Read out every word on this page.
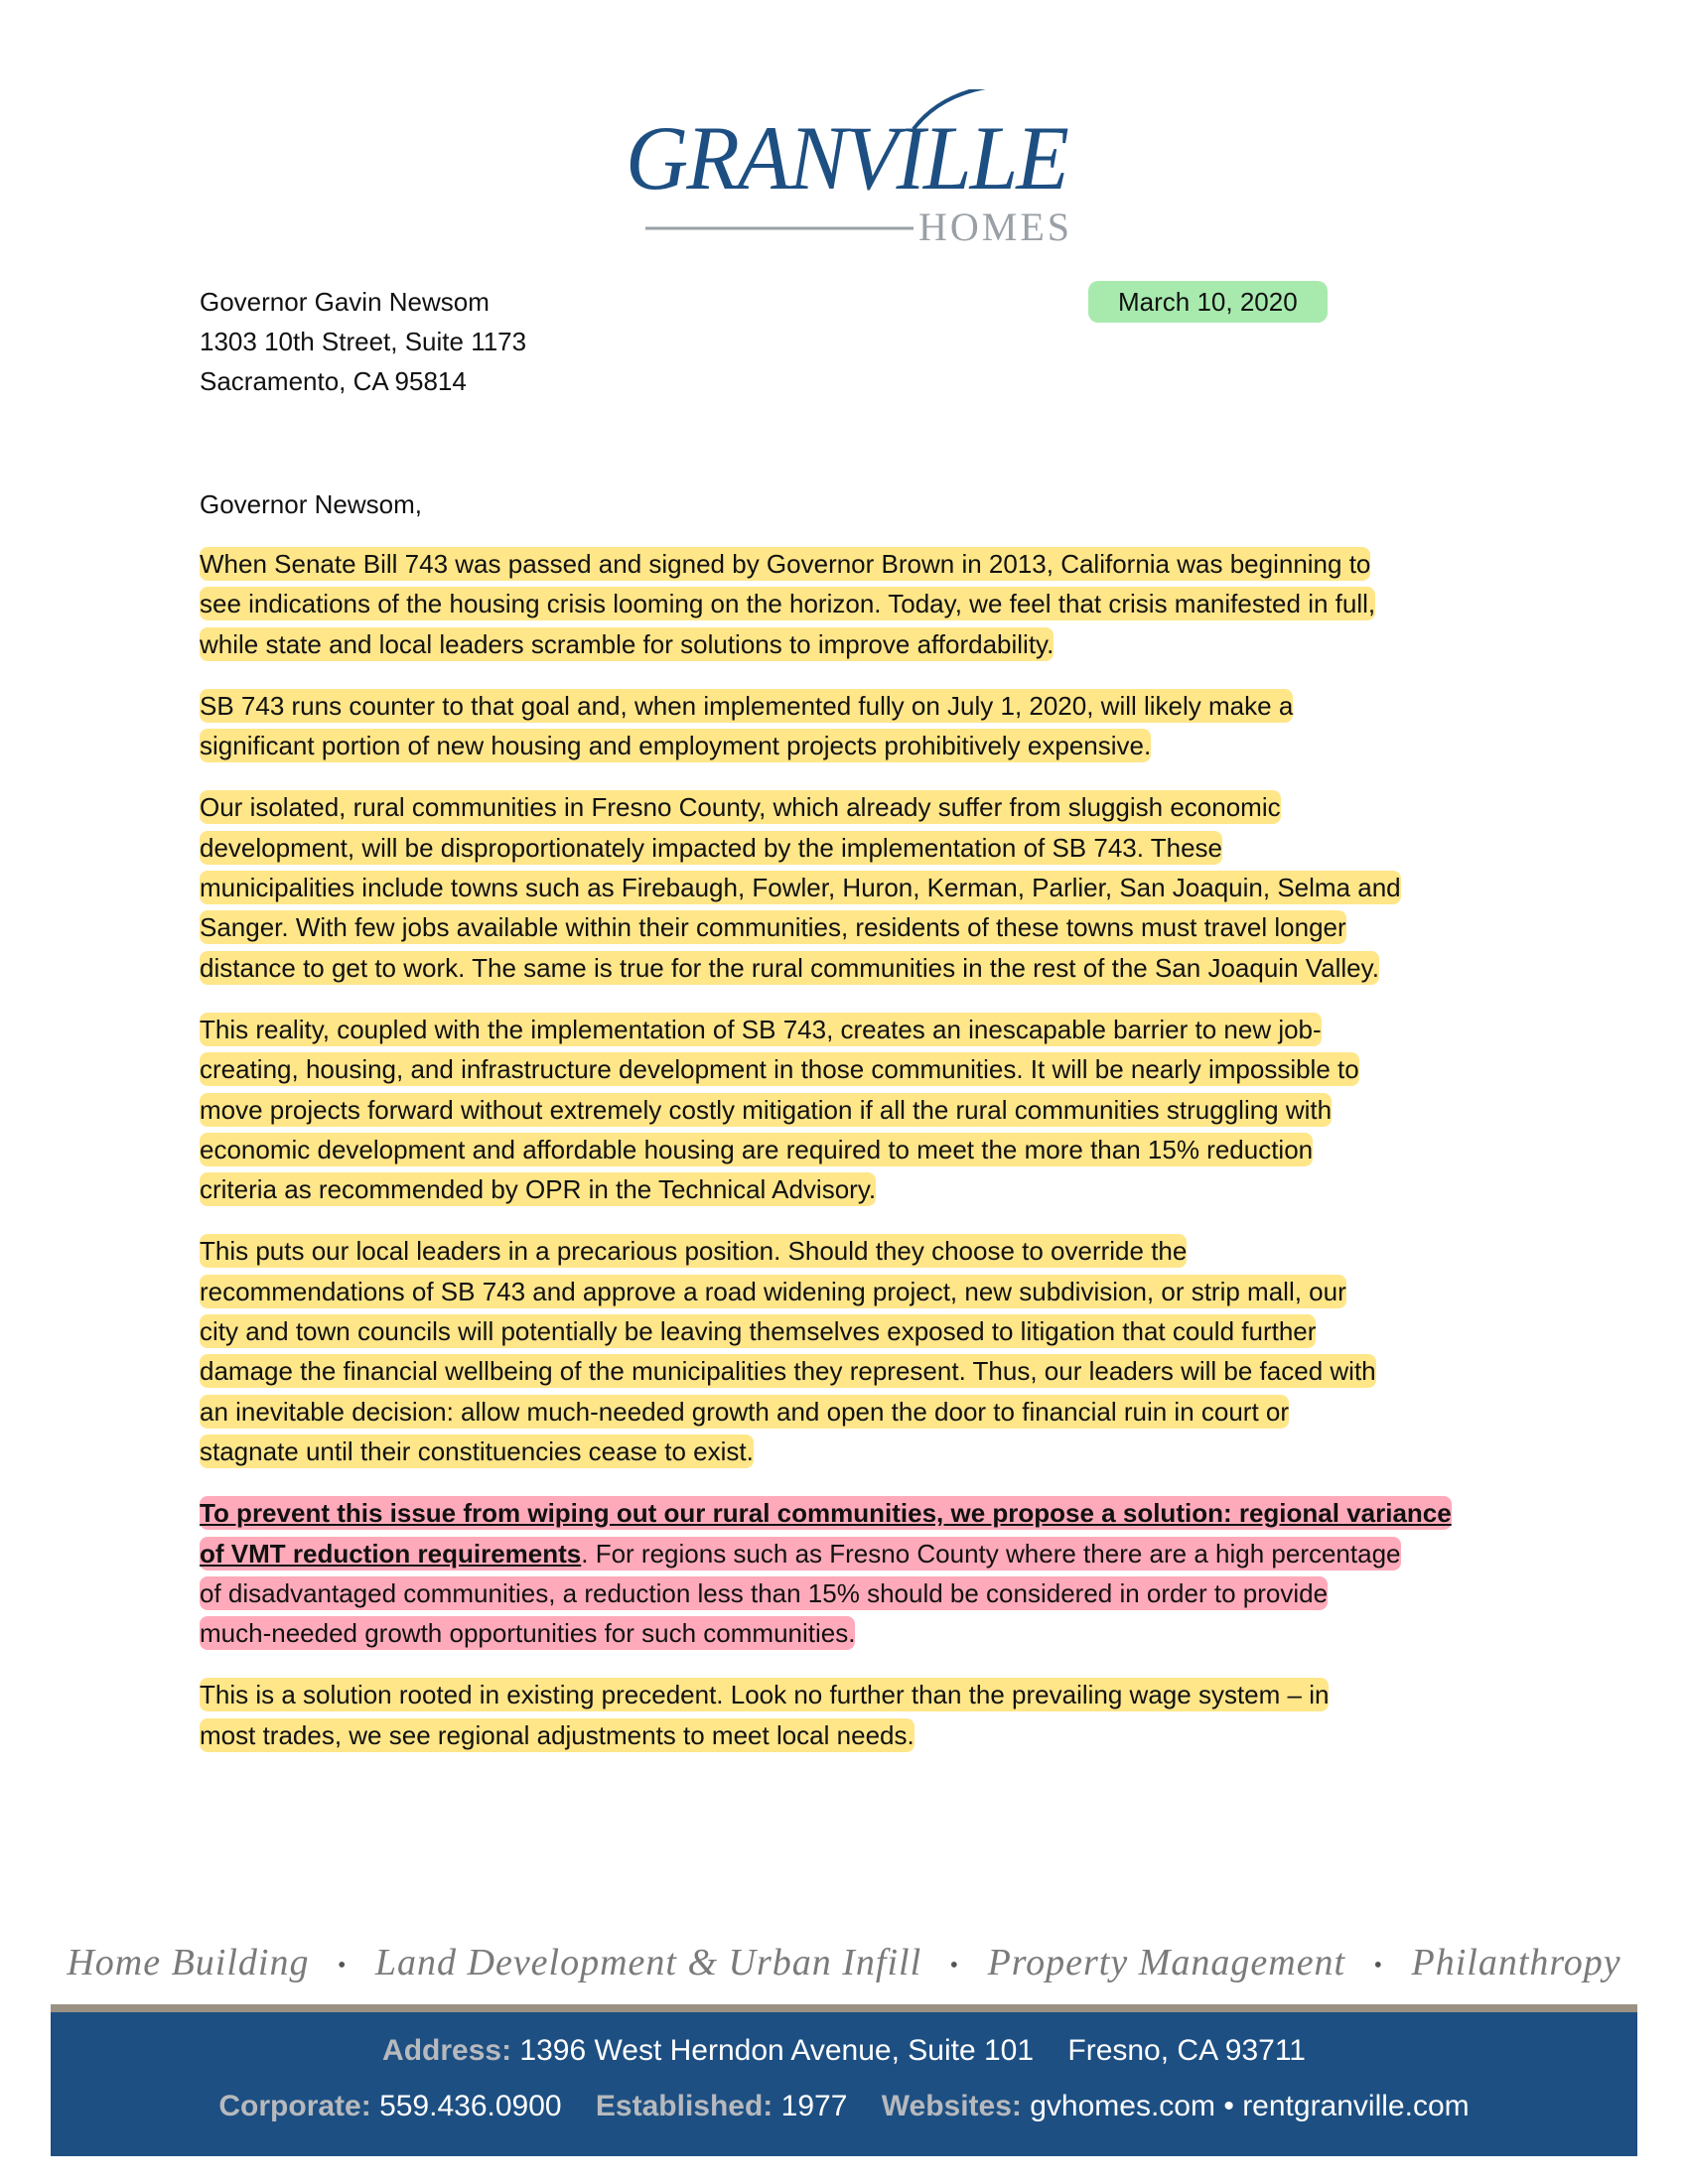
GRANVILLE
HOMES
Governor Gavin Newsom
1303 10th Street, Suite 1173
Sacramento, CA 95814
March 10, 2020
Governor Newsom,

When Senate Bill 743 was passed and signed by Governor Brown in 2013, California was beginning to
see indications of the housing crisis looming on the horizon. Today, we feel that crisis manifested in full,
while state and local leaders scramble for solutions to improve affordability.

SB 743 runs counter to that goal and, when implemented fully on July 1, 2020, will likely make a
significant portion of new housing and employment projects prohibitively expensive.

Our isolated, rural communities in Fresno County, which already suffer from sluggish economic
development, will be disproportionately impacted by the implementation of SB 743. These
municipalities include towns such as Firebaugh, Fowler, Huron, Kerman, Parlier, San Joaquin, Selma and
Sanger. With few jobs available within their communities, residents of these towns must travel longer
distance to get to work. The same is true for the rural communities in the rest of the San Joaquin Valley.

This reality, coupled with the implementation of SB 743, creates an inescapable barrier to new job-
creating, housing, and infrastructure development in those communities. It will be nearly impossible to
move projects forward without extremely costly mitigation if all the rural communities struggling with
economic development and affordable housing are required to meet the more than 15% reduction
criteria as recommended by OPR in the Technical Advisory.

This puts our local leaders in a precarious position. Should they choose to override the
recommendations of SB 743 and approve a road widening project, new subdivision, or strip mall, our
city and town councils will potentially be leaving themselves exposed to litigation that could further
damage the financial wellbeing of the municipalities they represent. Thus, our leaders will be faced with
an inevitable decision: allow much-needed growth and open the door to financial ruin in court or
stagnate until their constituencies cease to exist.

To prevent this issue from wiping out our rural communities, we propose a solution: regional variance
of VMT reduction requirements. For regions such as Fresno County where there are a high percentage
of disadvantaged communities, a reduction less than 15% should be considered in order to provide
much-needed growth opportunities for such communities.

This is a solution rooted in existing precedent. Look no further than the prevailing wage system – in
most trades, we see regional adjustments to meet local needs.

Home Building • Land Development & Urban Infill • Property Management • Philanthropy
Address: 1396 West Herndon Avenue, Suite 101 Fresno, CA 93711
Corporate: 559.436.0900 Established: 1977 Websites: gvhomes.com • rentgranville.com
